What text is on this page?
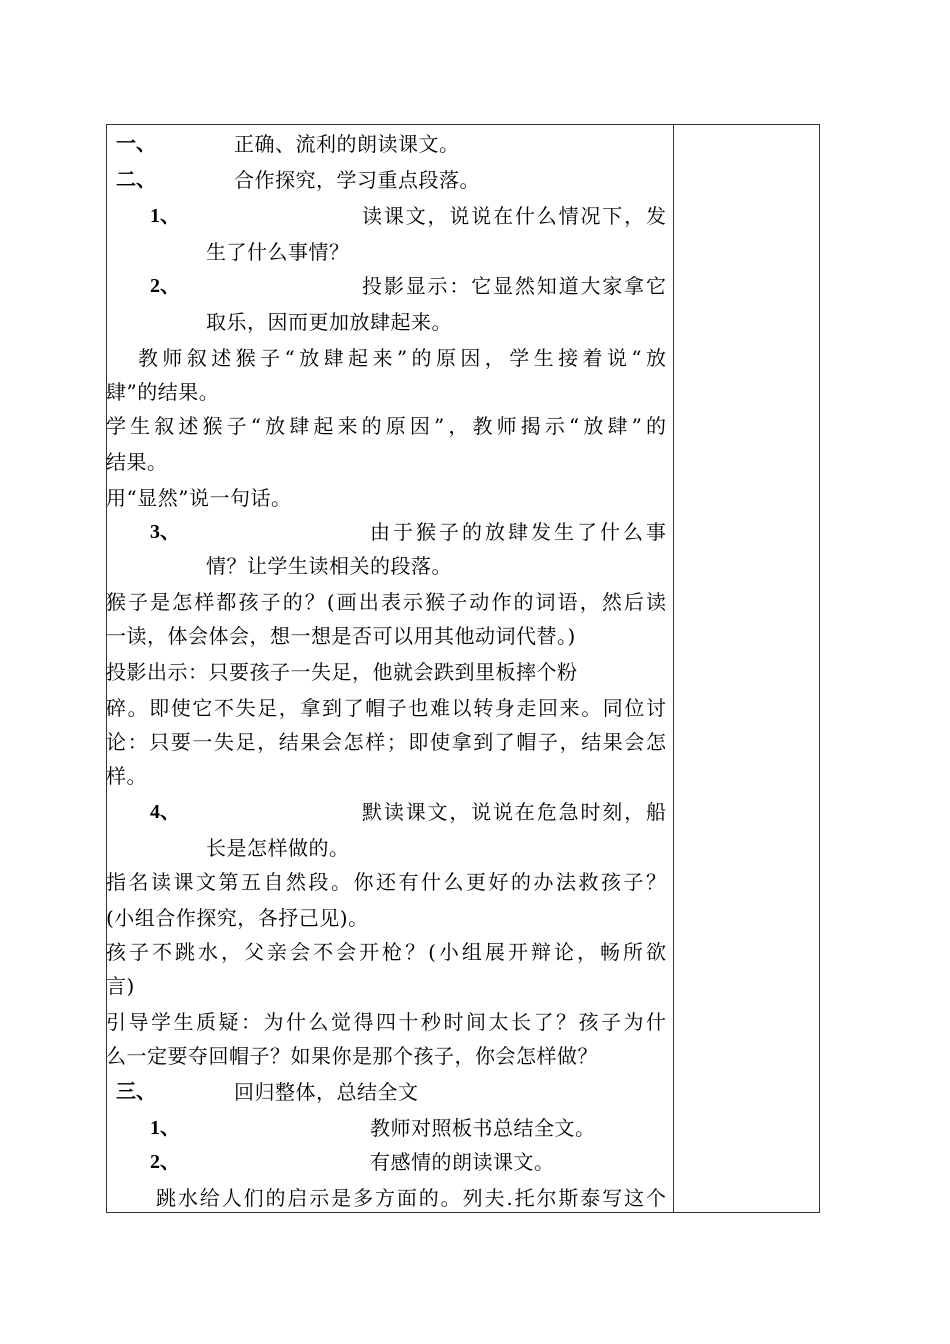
一、	正确、流利的朗读课文。
二、	合作探究，学习重点段落。
1、	读课文，说说在什么情况下，发
生了什么事情？
2、	投影显示：它显然知道大家拿它
取乐，因而更加放肆起来。
教师叙述猴子“放肆起来”的原因，学生接着说“放
肆”的结果。
学生叙述猴子“放肆起来的原因”，教师揭示“放肆”的
结果。
用“显然”说一句话。
3、	由于猴子的放肆发生了什么事
情？让学生读相关的段落。
猴子是怎样都孩子的？(画出表示猴子动作的词语，然后读
一读，体会体会，想一想是否可以用其他动词代替。)
投影出示：只要孩子一失足，他就会跌到里板摔个粉
碎。即使它不失足，拿到了帽子也难以转身走回来。同位讨
论：只要一失足，结果会怎样；即使拿到了帽子，结果会怎
样。
4、	默读课文，说说在危急时刻，船
长是怎样做的。
指名读课文第五自然段。你还有什么更好的办法救孩子？
(小组合作探究，各抒己见)。
孩子不跳水，父亲会不会开枪？(小组展开辩论，畅所欲
言)
引导学生质疑：为什么觉得四十秒时间太长了？孩子为什
么一定要夺回帽子？如果你是那个孩子，你会怎样做？
三、	回归整体，总结全文
1、	教师对照板书总结全文。
2、	有感情的朗读课文。
跳水给人们的启示是多方面的。列夫.托尔斯泰写这个
